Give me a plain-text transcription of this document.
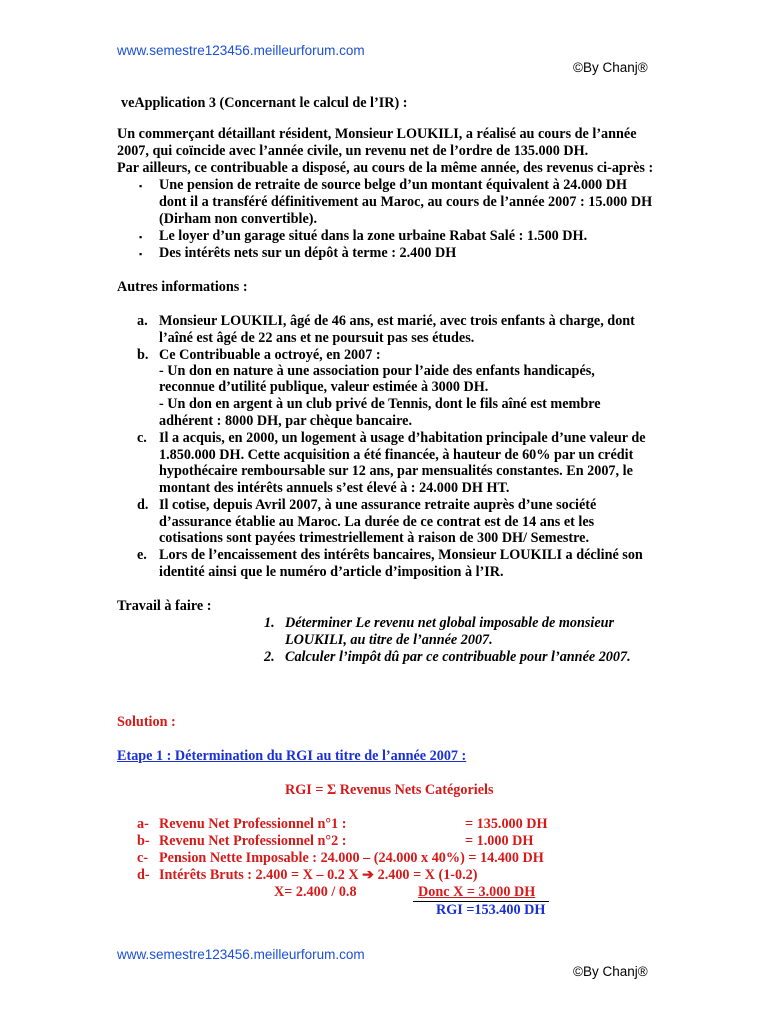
www.semestre123456.meilleurforum.com
©By Chanj®
veApplication 3 (Concernant le calcul de l’IR) :
Un commerçant détaillant résident, Monsieur LOUKILI, a réalisé au cours de l’année
2007, qui coïncide avec l’année civile, un revenu net de l’ordre de 135.000 DH.
Par ailleurs, ce contribuable a disposé, au cours de la même année, des revenus ci-après :
▪ Une pension de retraite de source belge d’un montant équivalent à 24.000 DH
dont il a transféré définitivement au Maroc, au cours de l’année 2007 : 15.000 DH
(Dirham non convertible).
▪ Le loyer d’un garage situé dans la zone urbaine Rabat Salé : 1.500 DH.
▪ Des intérêts nets sur un dépôt à terme : 2.400 DH
Autres informations :
a. Monsieur LOUKILI, âgé de 46 ans, est marié, avec trois enfants à charge, dont
l’aîné est âgé de 22 ans et ne poursuit pas ses études.
b. Ce Contribuable a octroyé, en 2007 :
- Un don en nature à une association pour l’aide des enfants handicapés,
reconnue d’utilité publique, valeur estimée à 3000 DH.
- Un don en argent à un club privé de Tennis, dont le fils aîné est membre
adhérent : 8000 DH, par chèque bancaire.
c. Il a acquis, en 2000, un logement à usage d’habitation principale d’une valeur de
1.850.000 DH. Cette acquisition a été financée, à hauteur de 60% par un crédit
hypothécaire remboursable sur 12 ans, par mensualités constantes. En 2007, le
montant des intérêts annuels s’est élevé à : 24.000 DH HT.
d. Il cotise, depuis Avril 2007, à une assurance retraite auprès d’une société
d’assurance établie au Maroc. La durée de ce contrat est de 14 ans et les
cotisations sont payées trimestriellement à raison de 300 DH/ Semestre.
e. Lors de l’encaissement des intérêts bancaires, Monsieur LOUKILI a décliné son
identité ainsi que le numéro d’article d’imposition à l’IR.
Travail à faire :
1. Déterminer Le revenu net global imposable de monsieur
LOUKILI, au titre de l’année 2007.
2. Calculer l’impôt dû par ce contribuable pour l’année 2007.
Solution :
Etape 1 : Détermination du RGI au titre de l’année 2007 :
RGI = Σ Revenus Nets Catégoriels
a- Revenu Net Professionnel n°1 :	= 135.000 DH
b- Revenu Net Professionnel n°2 :	= 1.000 DH
c- Pension Nette Imposable : 24.000 – (24.000 x 40%) = 14.400 DH
d- Intérêts Bruts : 2.400 = X – 0.2 X ➔ 2.400 = X (1-0.2)
X= 2.400 / 0.8	Donc X = 3.000 DH
RGI =153.400 DH
www.semestre123456.meilleurforum.com
©By Chanj®
